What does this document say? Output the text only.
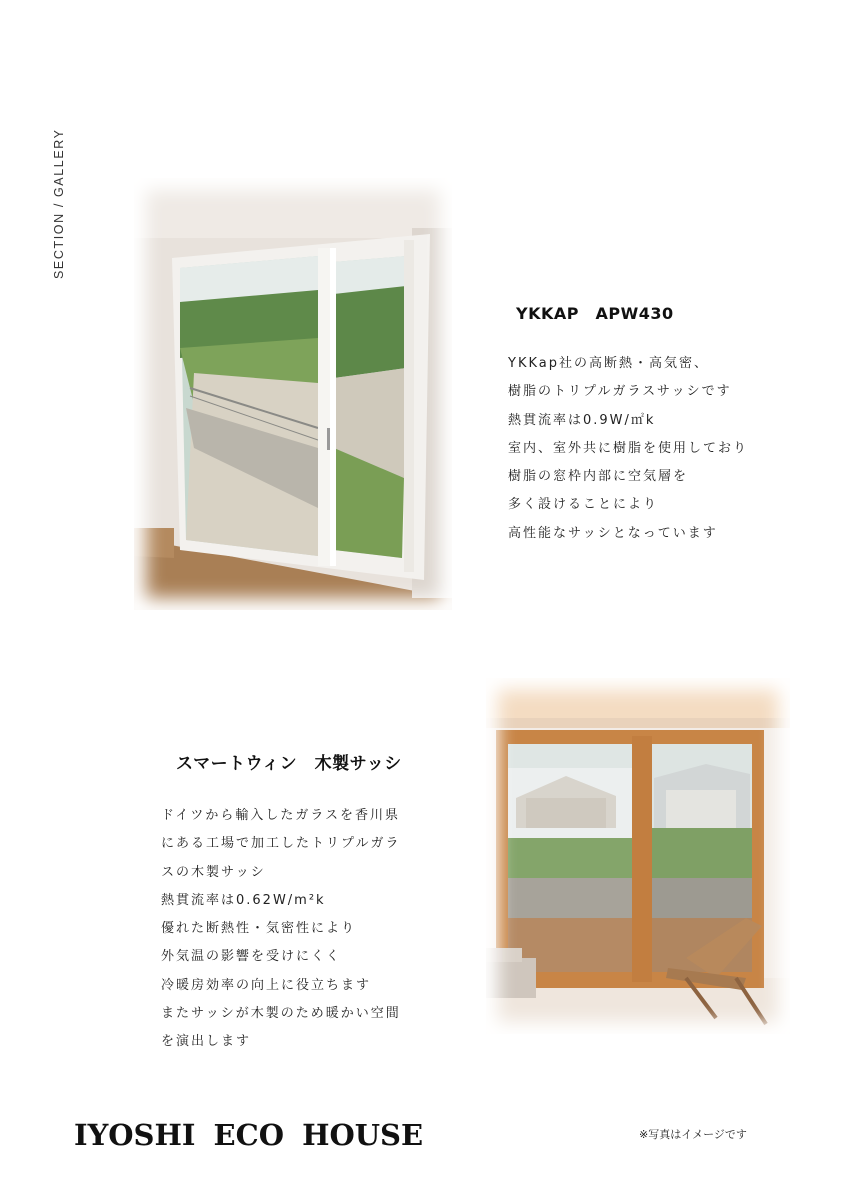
SECTION / GALLERY
YKKAP　APW430
YKKap社の高断熱・高気密、
樹脂のトリプルガラスサッシです
熱貫流率は0.9W/㎡k
室内、室外共に樹脂を使用しており
樹脂の窓枠内部に空気層を
多く設けることにより
高性能なサッシとなっています
スマートウィン　木製サッシ
ドイツから輸入したガラスを香川県
にある工場で加工したトリプルガラ
スの木製サッシ
熱貫流率は0.62W/m²k
優れた断熱性・気密性により
外気温の影響を受けにくく
冷暖房効率の向上に役立ちます
またサッシが木製のため暖かい空間
を演出します
IYOSHI ECO HOUSE	※写真はイメージです
